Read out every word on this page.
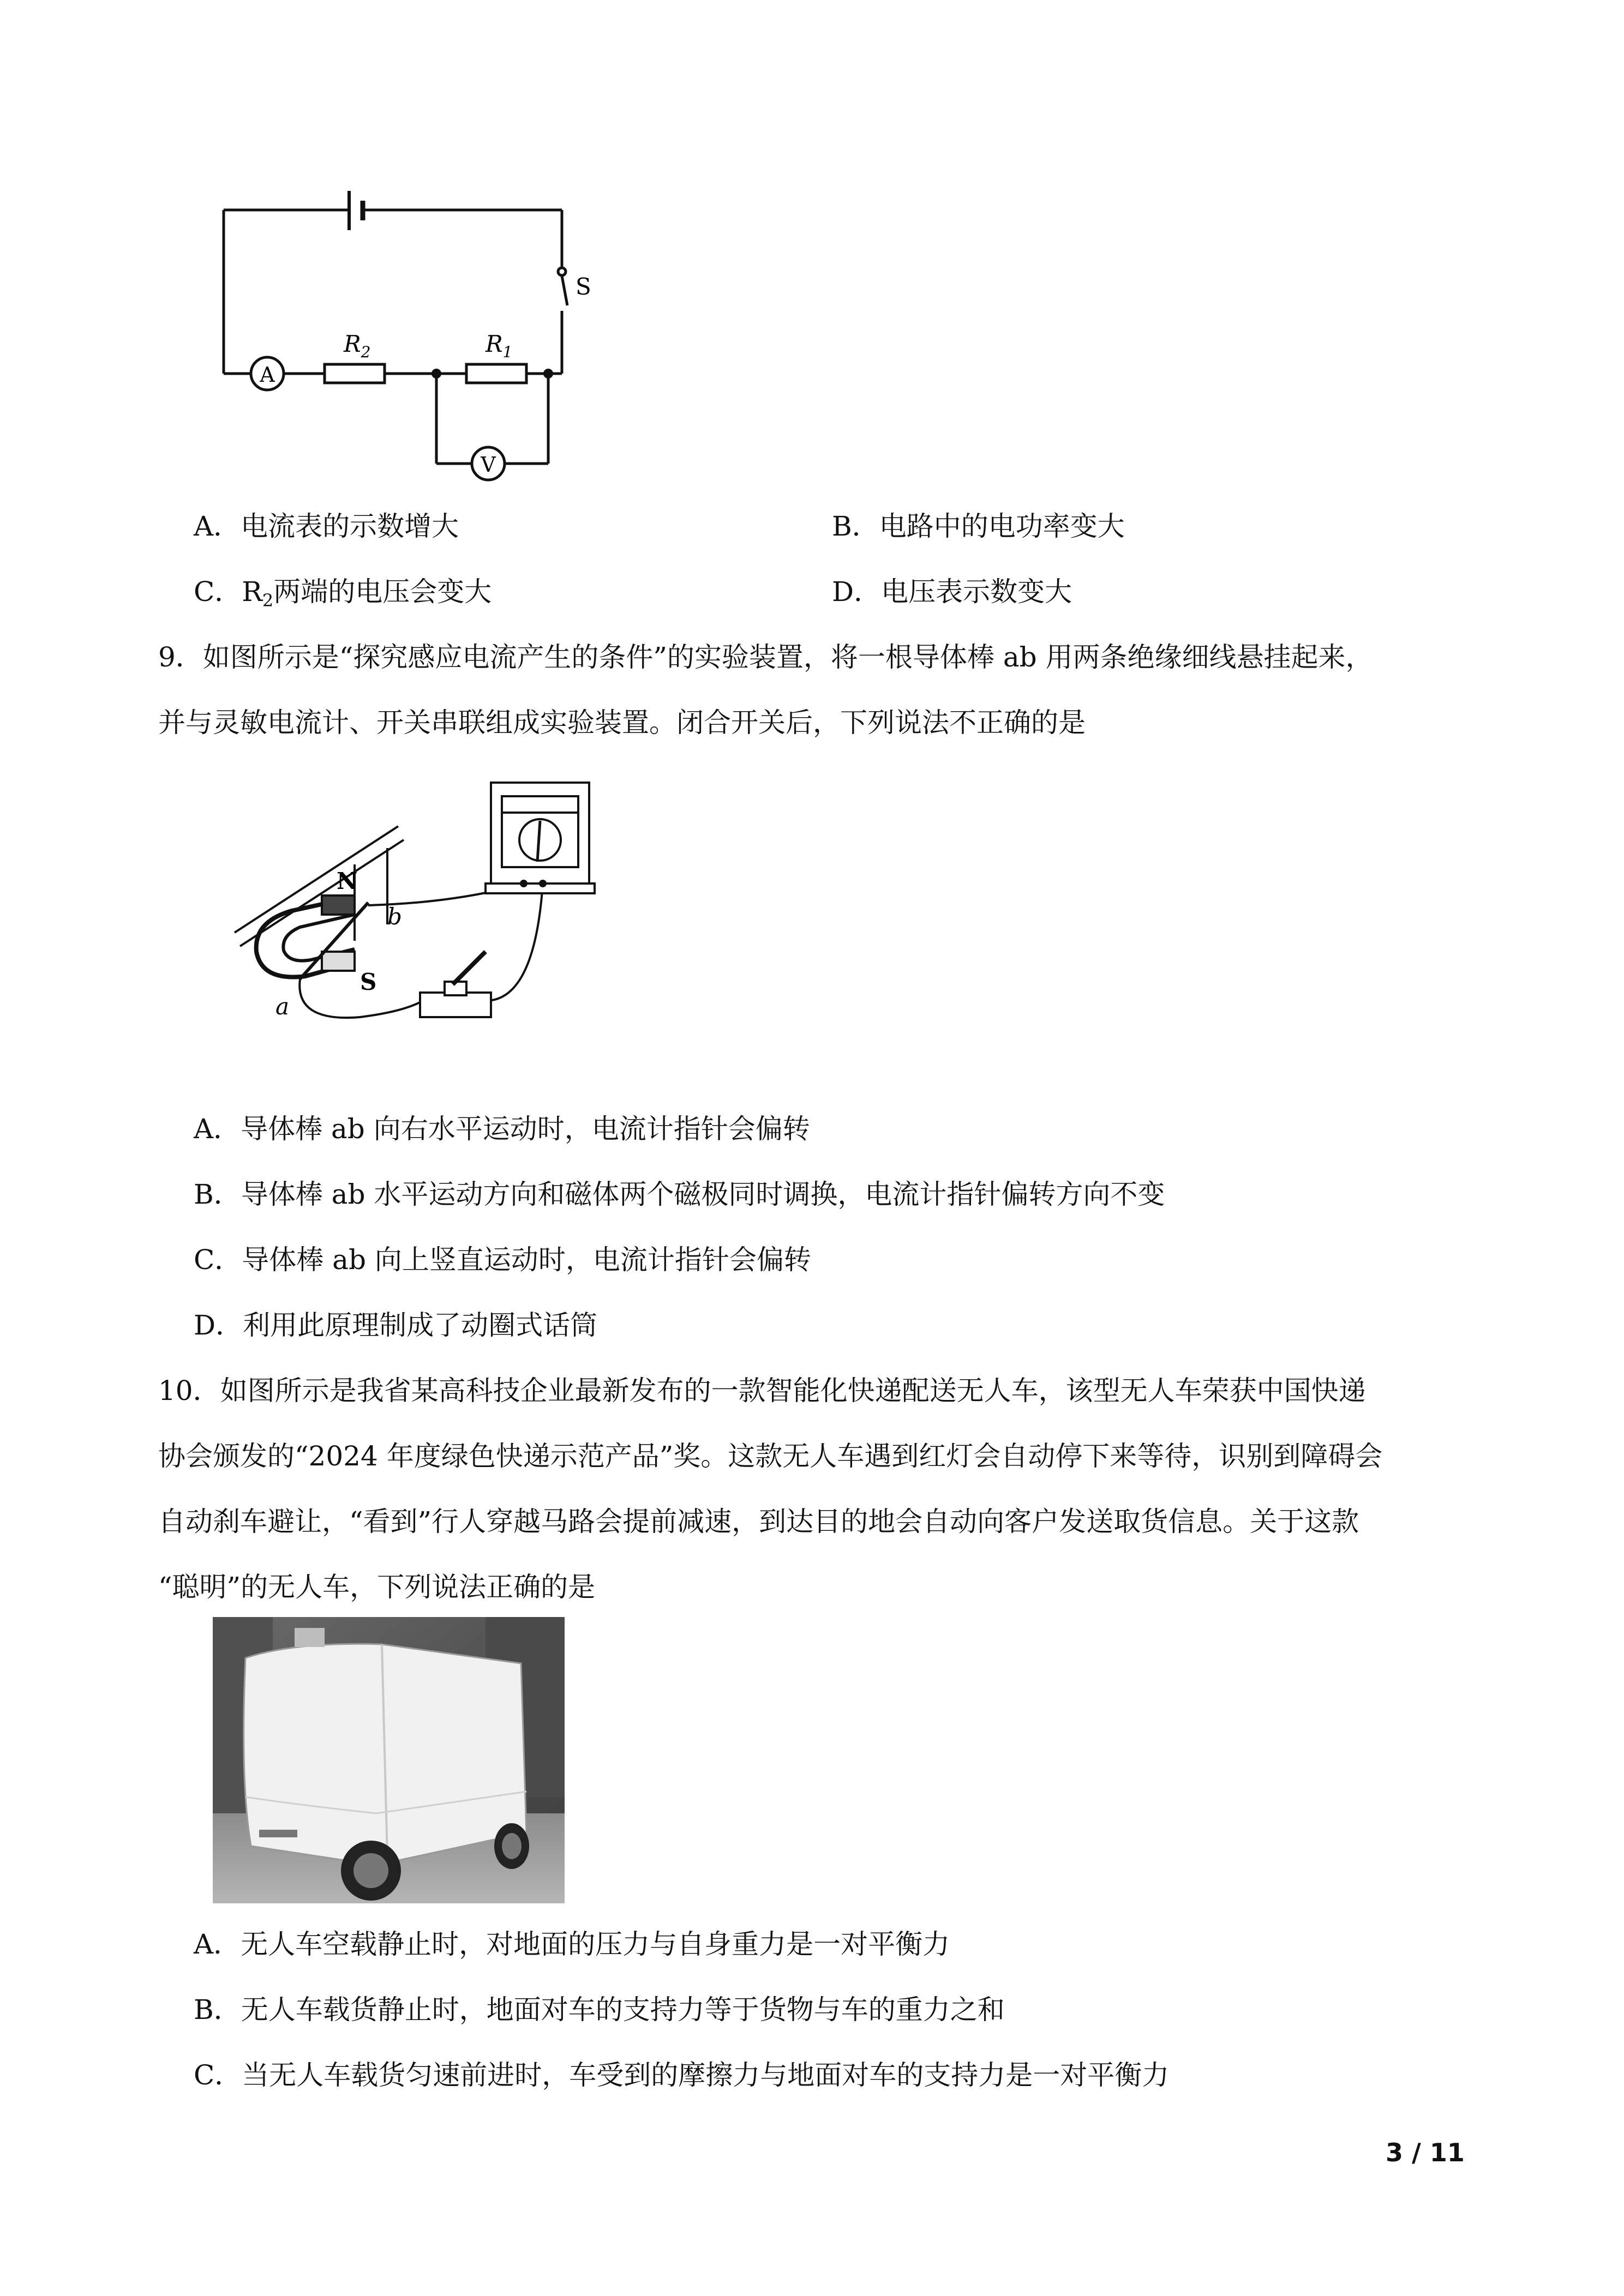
S
A
V
$R_2$	$R_1$
A．电流表的示数增大	B．电路中的电功率变大
C．$R_2$两端的电压会变大	D．电压表示数变大
9．如图所示是“探究感应电流产生的条件”的实验装置，将一根导体棒 ab 用两条绝缘细线悬挂起来，
并与灵敏电流计、开关串联组成实验装置。闭合开关后，下列说法不正确的是
N
S
a
b
A．导体棒 ab 向右水平运动时，电流计指针会偏转
B．导体棒 ab 水平运动方向和磁体两个磁极同时调换，电流计指针偏转方向不变
C．导体棒 ab 向上竖直运动时，电流计指针会偏转
D．利用此原理制成了动圈式话筒
10．如图所示是我省某高科技企业最新发布的一款智能化快递配送无人车，该型无人车荣获中国快递
协会颁发的“2024 年度绿色快递示范产品”奖。这款无人车遇到红灯会自动停下来等待，识别到障碍会
自动刹车避让，“看到”行人穿越马路会提前减速，到达目的地会自动向客户发送取货信息。关于这款
“聪明”的无人车，下列说法正确的是
A．无人车空载静止时，对地面的压力与自身重力是一对平衡力
B．无人车载货静止时，地面对车的支持力等于货物与车的重力之和
C．当无人车载货匀速前进时，车受到的摩擦力与地面对车的支持力是一对平衡力
3 / 11
